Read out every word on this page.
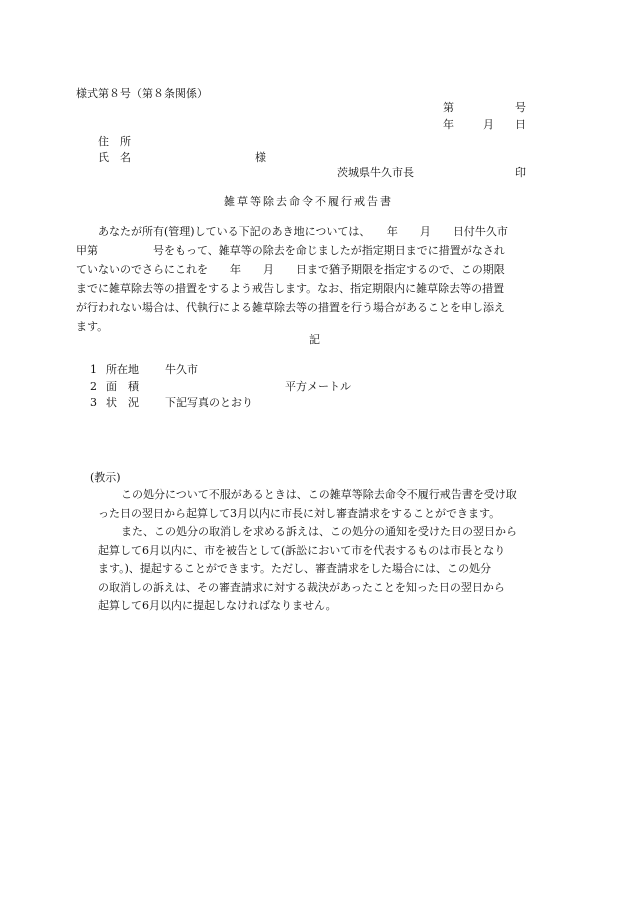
様式第８号（第８条関係）
第	号
年	月 日
住　所
氏　名	様
茨城県牛久市長	印
雑草等除去命令不履行戒告書
あなたが所有(管理)している下記のあき地については、　　年　　月　　日付牛久市
甲第　　　　　号をもって、雑草等の除去を命じましたが指定期日までに措置がなされ
ていないのでさらにこれを　　年　　月　　日まで猶予期限を指定するので、この期限
までに雑草除去等の措置をするよう戒告します。なお、指定期限内に雑草除去等の措置
が行われない場合は、代執行による雑草除去等の措置を行う場合があることを申し添え
ます。
記
1 所在地 牛久市
2 面　積	平方メートル
3 状　況 下記写真のとおり
(教示)

この処分について不服があるときは、この雑草等除去命令不履行戒告書を受け取

った日の翌日から起算して3月以内に市長に対し審査請求をすることができます。

また、この処分の取消しを求める訴えは、この処分の通知を受けた日の翌日から

起算して6月以内に、市を被告として(訴訟において市を代表するものは市長となり

ます。)、提起することができます。ただし、審査請求をした場合には、この処分

の取消しの訴えは、その審査請求に対する裁決があったことを知った日の翌日から

起算して6月以内に提起しなければなりません。
